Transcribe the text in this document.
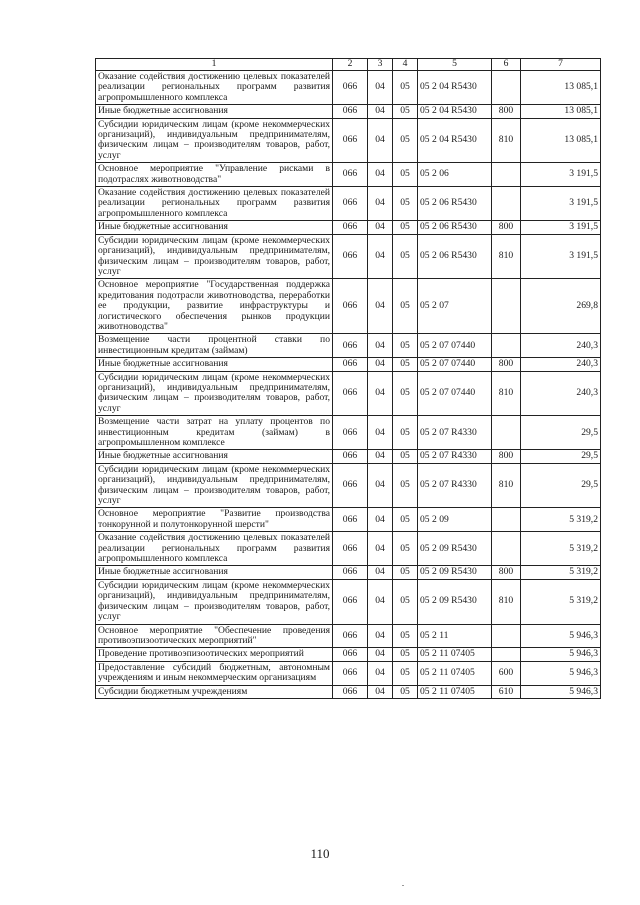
1	2	3	4	5	6	7
Оказание содействия достижению целевых показателей реализации региональных программ развития агропромышленного комплекса	066	04	05	05 2 04 R5430		13 085,1
Иные бюджетные ассигнования	066	04	05	05 2 04 R5430	800	13 085,1
Субсидии юридическим лицам (кроме некоммерческих организаций), индивидуальным предпринимателям, физическим лицам – производителям товаров, работ, услуг	066	04	05	05 2 04 R5430	810	13 085,1
Основное мероприятие "Управление рисками в подотраслях животноводства"	066	04	05	05 2 06		3 191,5
Оказание содействия достижению целевых показателей реализации региональных программ развития агропромышленного комплекса	066	04	05	05 2 06 R5430		3 191,5
Иные бюджетные ассигнования	066	04	05	05 2 06 R5430	800	3 191,5
Субсидии юридическим лицам (кроме некоммерческих организаций), индивидуальным предпринимателям, физическим лицам – производителям товаров, работ, услуг	066	04	05	05 2 06 R5430	810	3 191,5
Основное мероприятие "Государственная поддержка кредитования подотрасли животноводства, переработки ее продукции, развитие инфраструктуры и логистического обеспечения рынков продукции животноводства"	066	04	05	05 2 07		269,8
Возмещение части процентной ставки по инвестиционным кредитам (займам)	066	04	05	05 2 07 07440		240,3
Иные бюджетные ассигнования	066	04	05	05 2 07 07440	800	240,3
Субсидии юридическим лицам (кроме некоммерческих организаций), индивидуальным предпринимателям, физическим лицам – производителям товаров, работ, услуг	066	04	05	05 2 07 07440	810	240,3
Возмещение части затрат на уплату процентов по инвестиционным кредитам (займам) в агропромышленном комплексе	066	04	05	05 2 07 R4330		29,5
Иные бюджетные ассигнования	066	04	05	05 2 07 R4330	800	29,5
Субсидии юридическим лицам (кроме некоммерческих организаций), индивидуальным предпринимателям, физическим лицам – производителям товаров, работ, услуг	066	04	05	05 2 07 R4330	810	29,5
Основное мероприятие "Развитие производства тонкорунной и полутонкорунной шерсти"	066	04	05	05 2 09		5 319,2
Оказание содействия достижению целевых показателей реализации региональных программ развития агропромышленного комплекса	066	04	05	05 2 09 R5430		5 319,2
Иные бюджетные ассигнования	066	04	05	05 2 09 R5430	800	5 319,2
Субсидии юридическим лицам (кроме некоммерческих организаций), индивидуальным предпринимателям, физическим лицам – производителям товаров, работ, услуг	066	04	05	05 2 09 R5430	810	5 319,2
Основное мероприятие "Обеспечение проведения противоэпизоотических мероприятий"	066	04	05	05 2 11		5 946,3
Проведение противоэпизоотических мероприятий	066	04	05	05 2 11 07405		5 946,3
Предоставление субсидий бюджетным, автономным учреждениям и иным некоммерческим организациям	066	04	05	05 2 11 07405	600	5 946,3
Субсидии бюджетным учреждениям	066	04	05	05 2 11 07405	610	5 946,3
110
